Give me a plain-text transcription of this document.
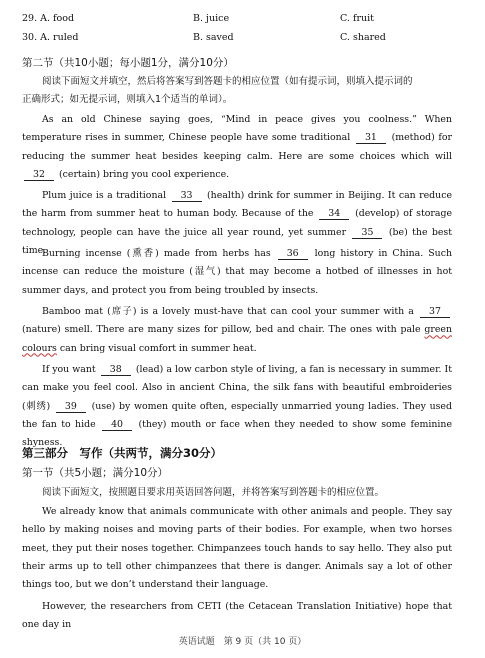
29. A. food	B. juice	C. fruit
30. A. ruled	B. saved	C. shared
第二节（共10小题；每小题1分，满分10分）
阅读下面短文并填空，然后将答案写到答题卡的相应位置（如有提示词，则填入提示词的
正确形式；如无提示词，则填入1个适当的单词）。
As an old Chinese saying goes, “Mind in peace gives you coolness.” When temperature rises in summer, Chinese people have some traditional 31 (method) for reducing the summer heat besides keeping calm. Here are some choices which will 32 (certain) bring you cool experience.
Plum juice is a traditional 33 (health) drink for summer in Beijing. It can reduce the harm from summer heat to human body. Because of the 34 (develop) of storage technology, people can have the juice all year round, yet summer 35 (be) the best time.
Burning incense (熏香) made from herbs has 36 long history in China. Such incense can reduce the moisture (湿气) that may become a hotbed of illnesses in hot summer days, and protect you from being troubled by insects.
Bamboo mat (席子) is a lovely must-have that can cool your summer with a 37 (nature) smell. There are many sizes for pillow, bed and chair. The ones with pale green colours can bring visual comfort in summer heat.
If you want 38 (lead) a low carbon style of living, a fan is necessary in summer. It can make you feel cool. Also in ancient China, the silk fans with beautiful embroideries (刺绣) 39 (use) by women quite often, especially unmarried young ladies. They used the fan to hide 40 (they) mouth or face when they needed to show some feminine shyness.
第三部分　写作（共两节，满分30分）
第一节（共5小题；满分10分）
阅读下面短文，按照题目要求用英语回答问题，并将答案写到答题卡的相应位置。
We already know that animals communicate with other animals and people. They say hello by making noises and moving parts of their bodies. For example, when two horses meet, they put their noses together. Chimpanzees touch hands to say hello. They also put their arms up to tell other chimpanzees that there is danger. Animals say a lot of other things too, but we don’t understand their language.
However, the researchers from CETI (the Cetacean Translation Initiative) hope that one day in
英语试题　第 9 页（共 10 页）
